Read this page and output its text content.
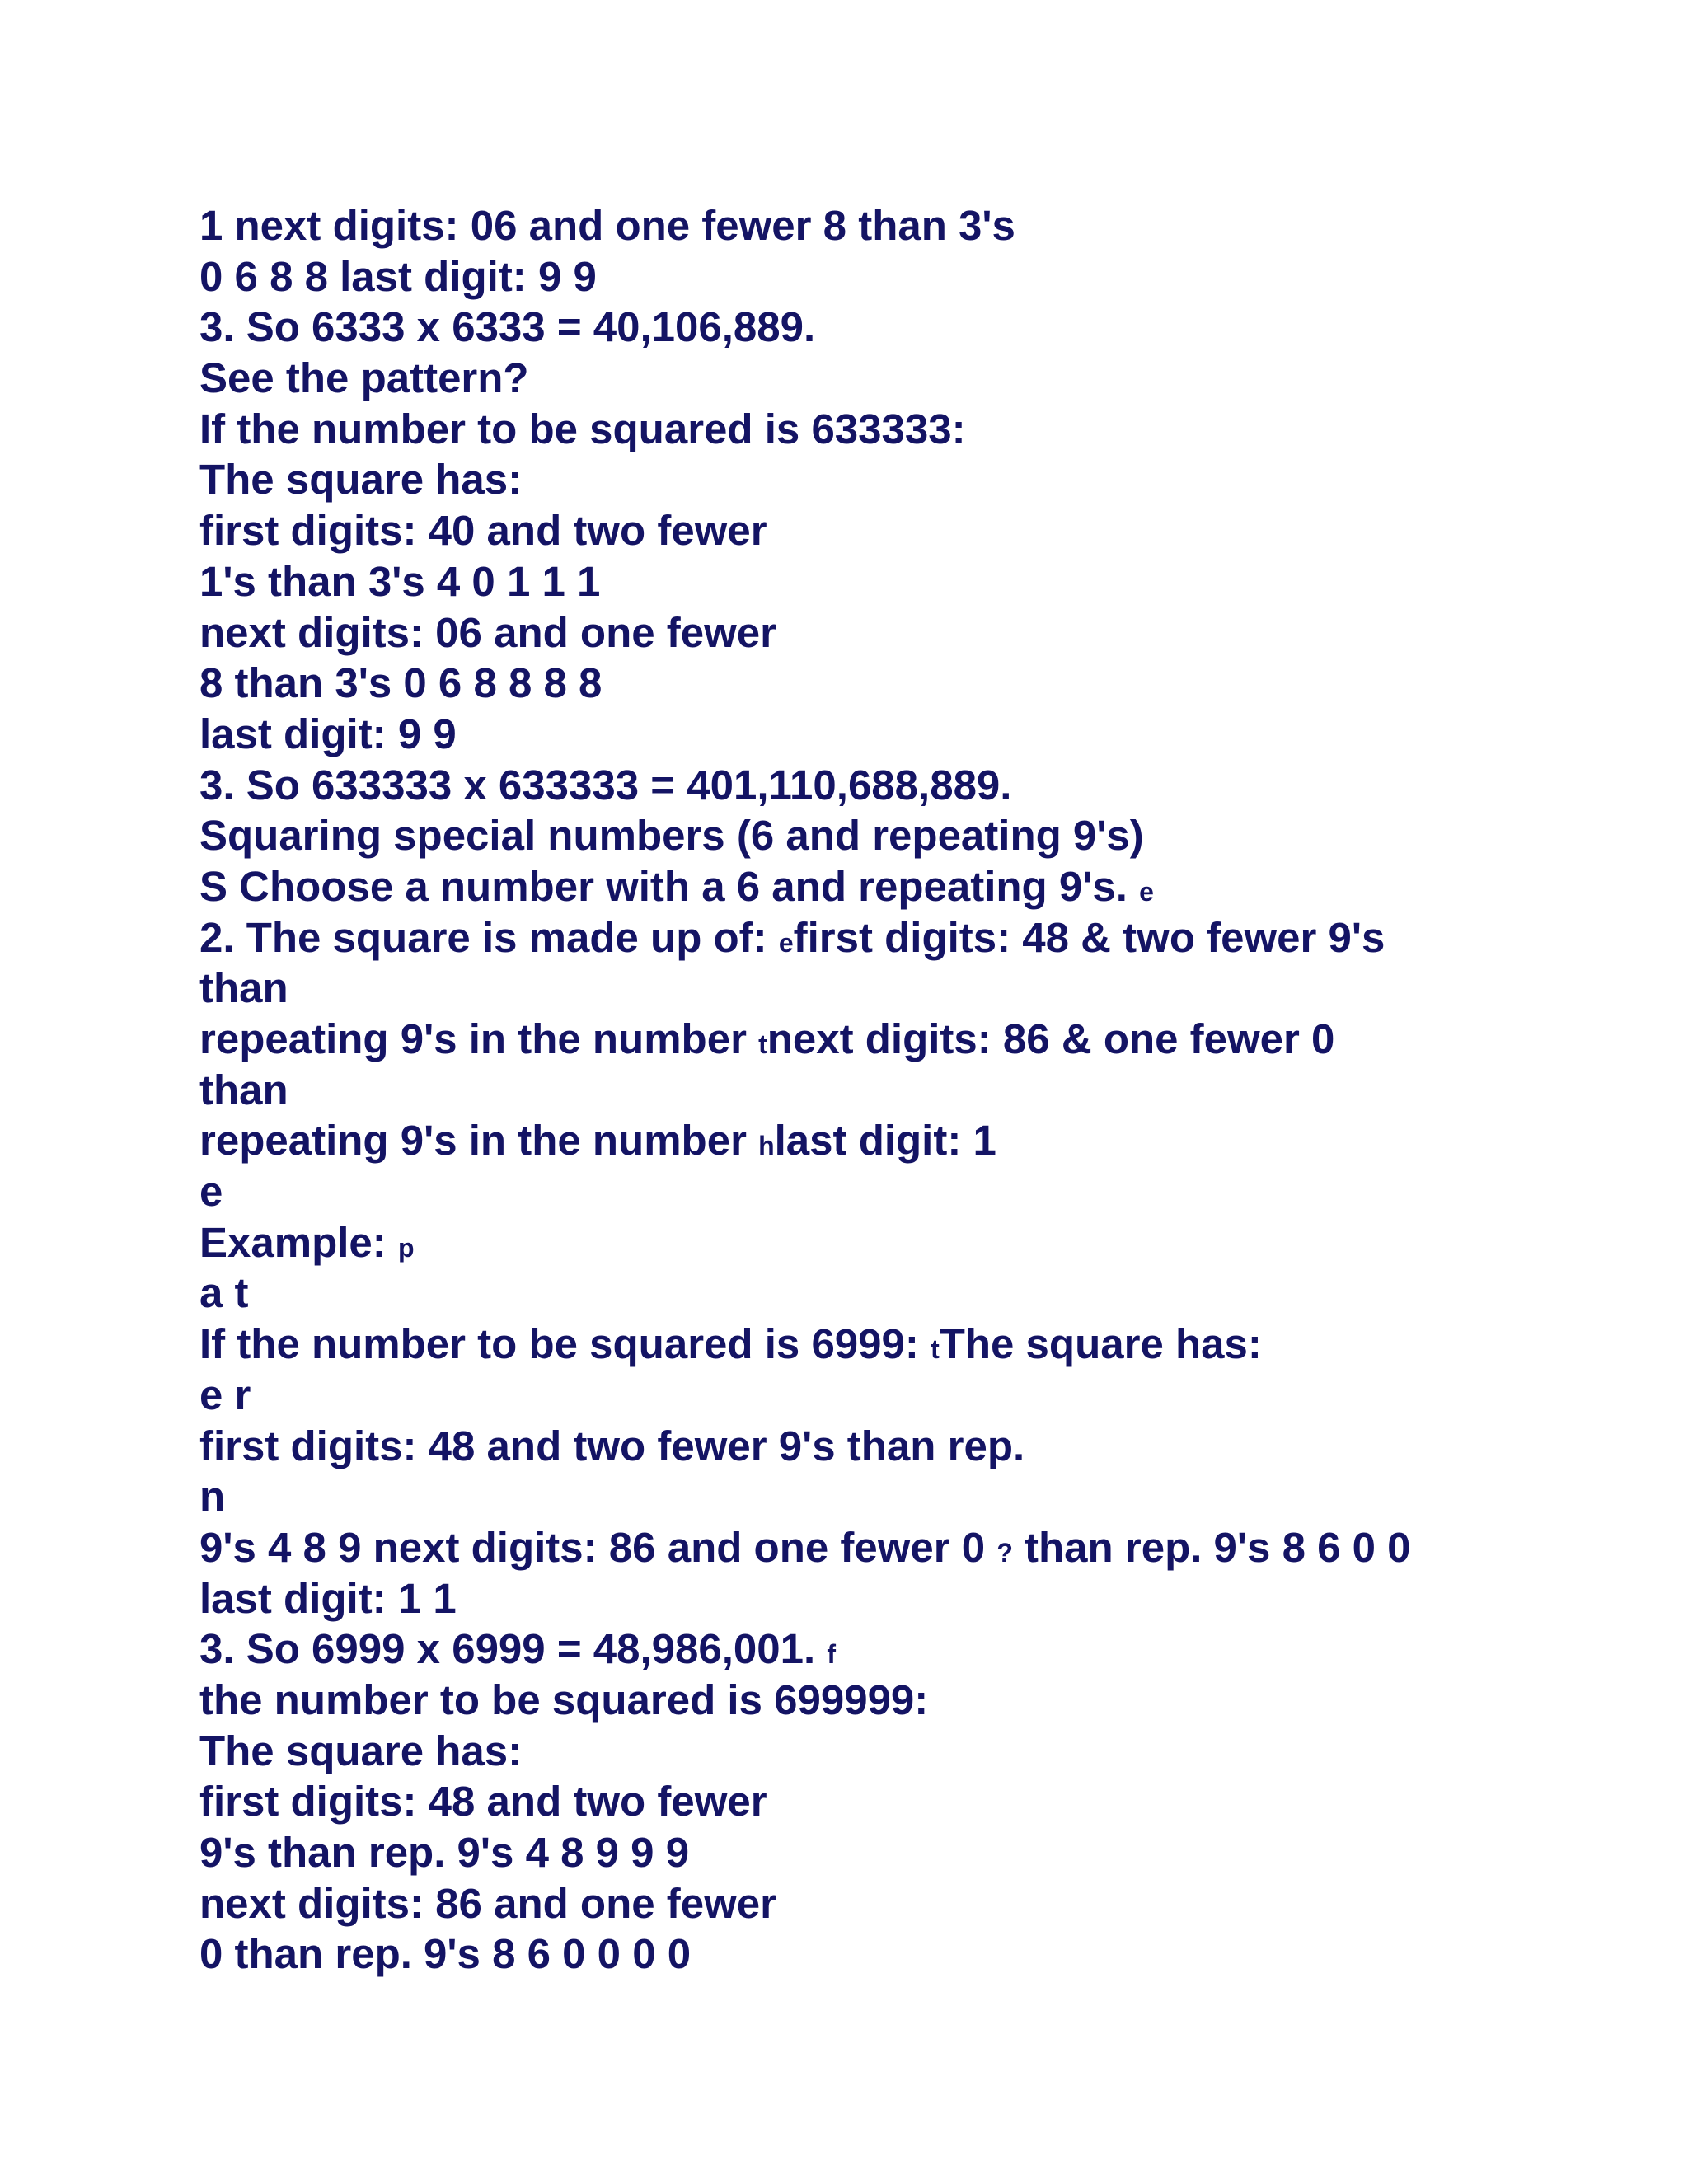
1 next digits: 06 and one fewer 8 than 3's
0 6 8 8 last digit: 9 9
3. So 6333 x 6333 = 40,106,889.
See the pattern?
If the number to be squared is 633333:
The square has:
first digits: 40 and two fewer
1's than 3's 4 0 1 1 1
next digits: 06 and one fewer
8 than 3's 0 6 8 8 8 8
last digit: 9 9
3. So 633333 x 633333 = 401,110,688,889.
Squaring special numbers (6 and repeating 9's)
S Choose a number with a 6 and repeating 9's. e
2. The square is made up of: efirst digits: 48 & two fewer 9's
than
repeating 9's in the number tnext digits: 86 & one fewer 0
than
repeating 9's in the number hlast digit: 1
e
Example: p
a t
If the number to be squared is 6999: tThe square has:
e r
first digits: 48 and two fewer 9's than rep.
n
9's 4 8 9 next digits: 86 and one fewer 0 ? than rep. 9's 8 6 0 0
last digit: 1 1
3. So 6999 x 6999 = 48,986,001. f
the number to be squared is 699999:
The square has:
first digits: 48 and two fewer
9's than rep. 9's 4 8 9 9 9
next digits: 86 and one fewer
0 than rep. 9's 8 6 0 0 0 0
